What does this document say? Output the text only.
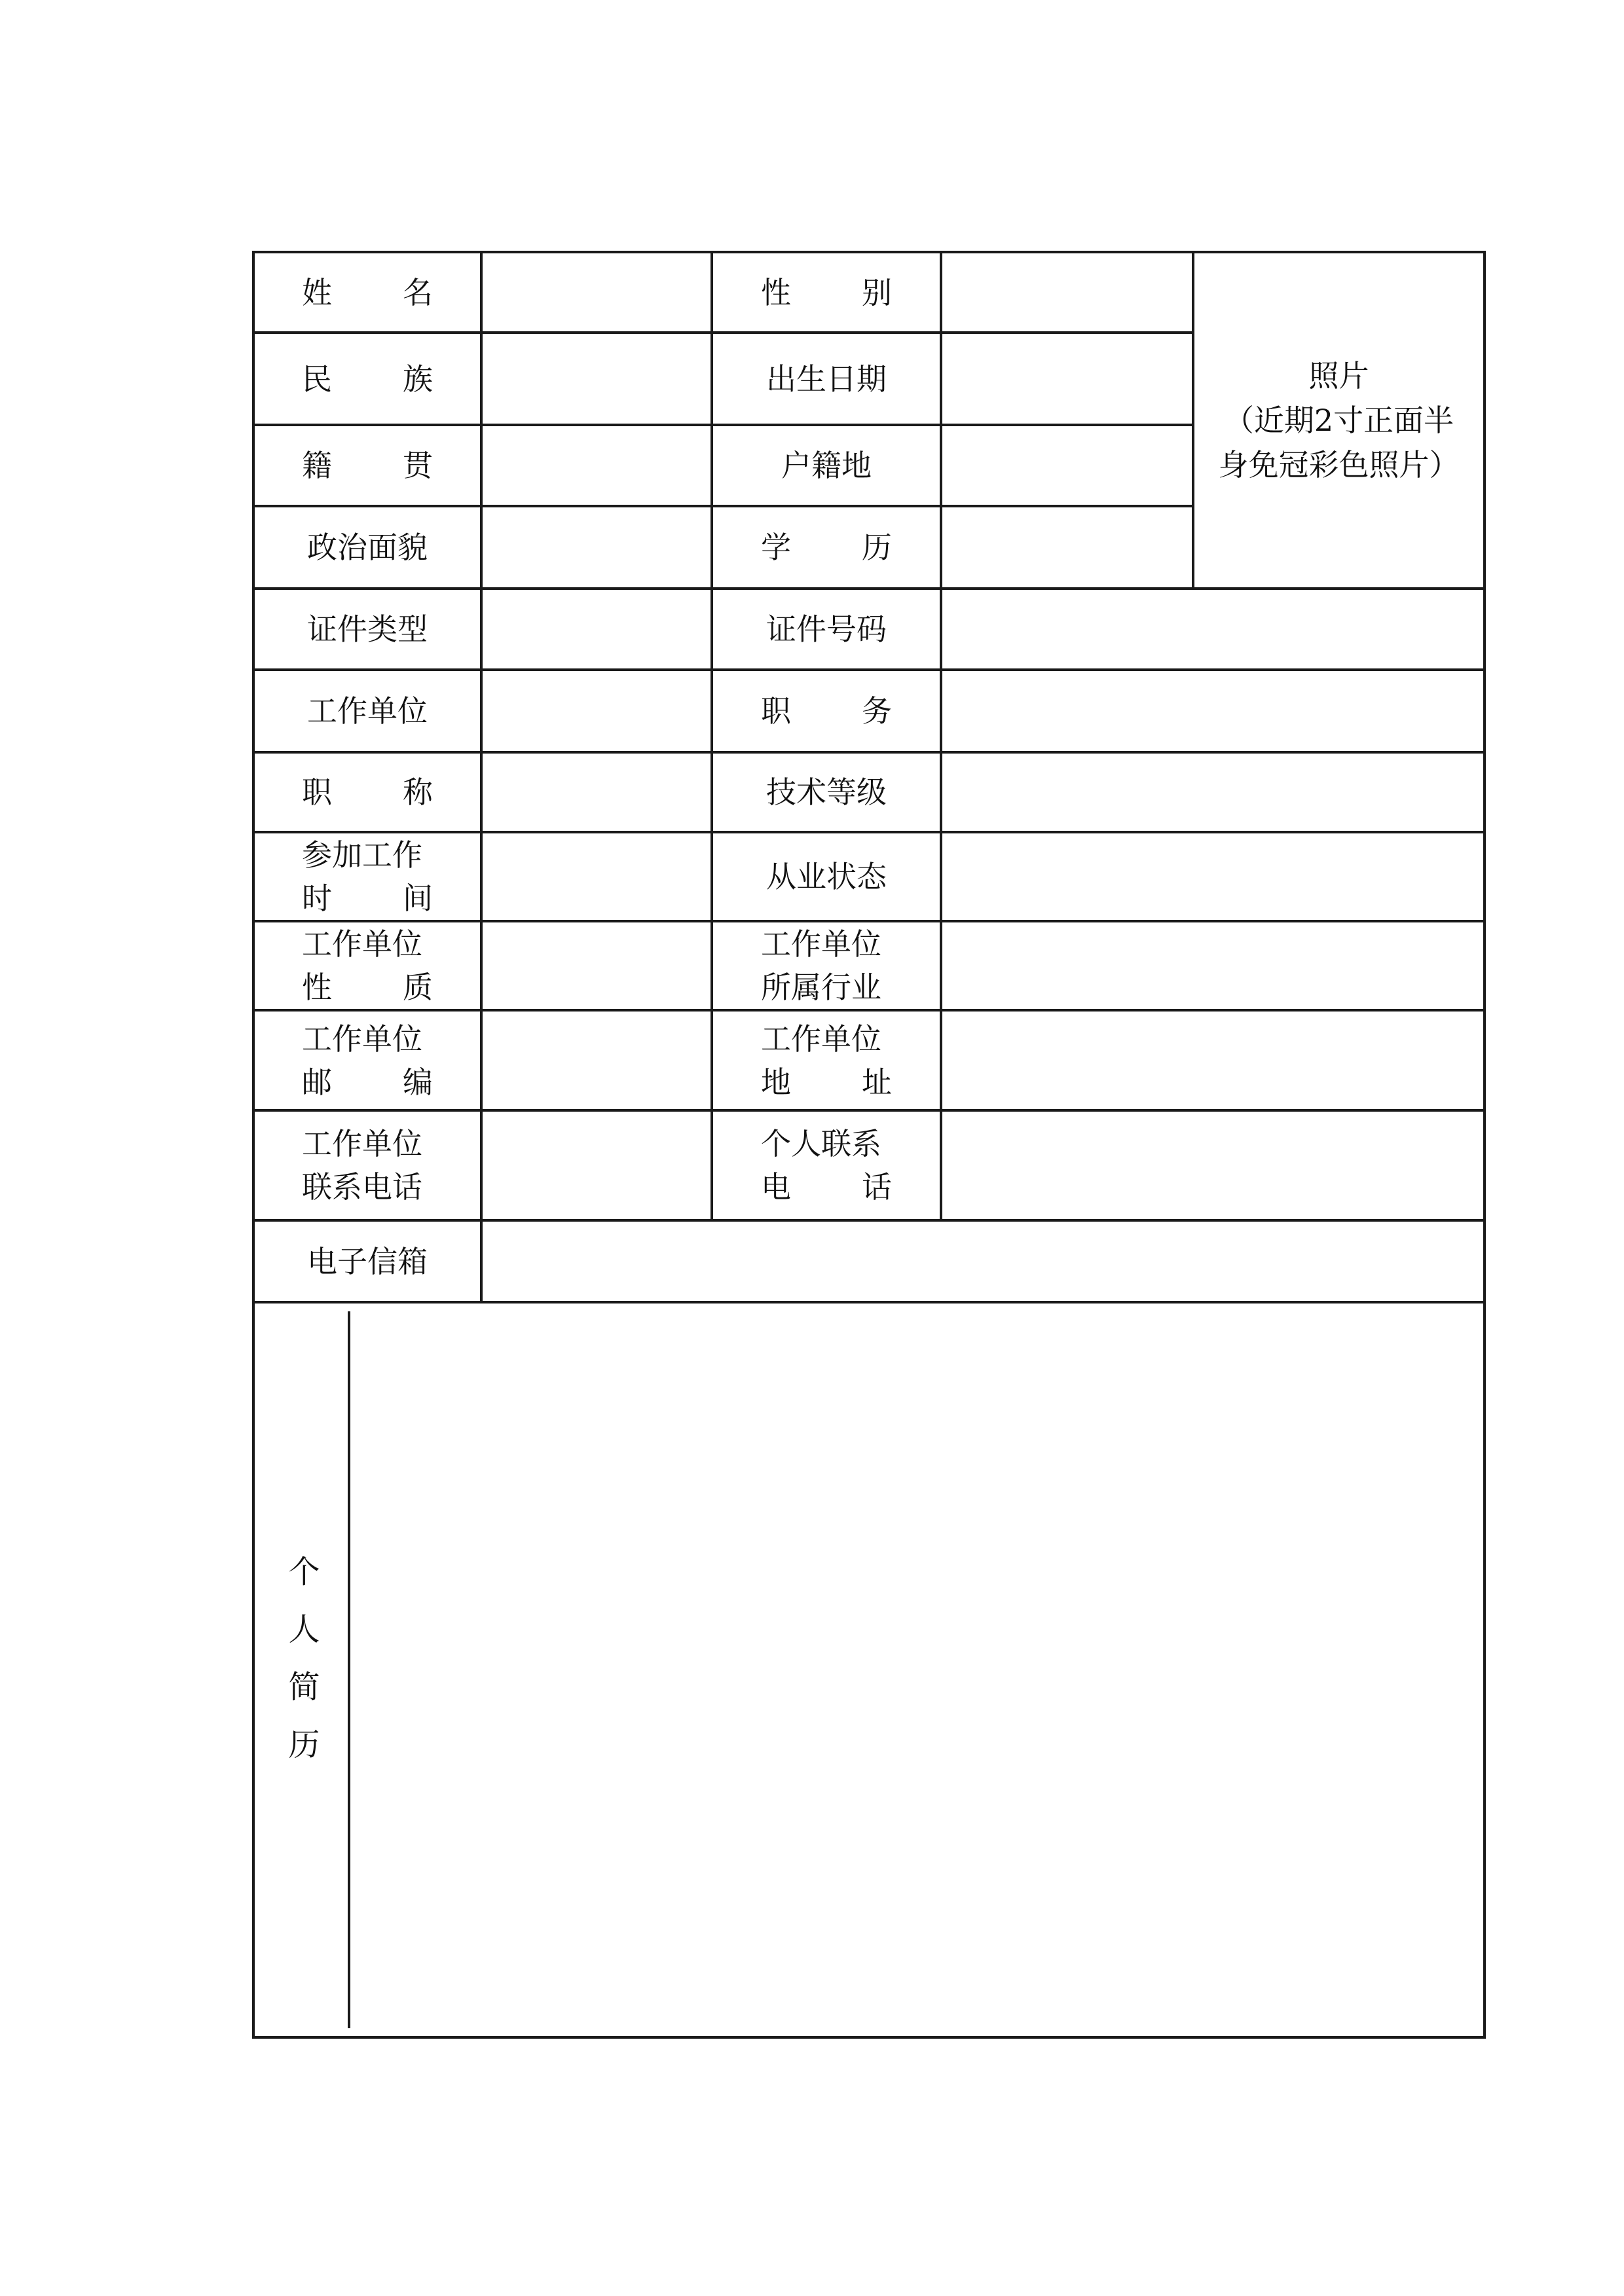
姓名		性别		照片
（近期2寸正面半
身免冠彩色照片）

民族		出生日期	
籍贯		户籍地	
政治面貌		学历	
证件类型		证件号码	
工作单位		职务	
职称		技术等级	

参加工作
时间		从业状态	

工作单位
性质		工作单位
所属行业

工作单位
邮编		工作单位
地址

工作单位
联系电话		个人联系
电话

电子信箱	

个人简历				
